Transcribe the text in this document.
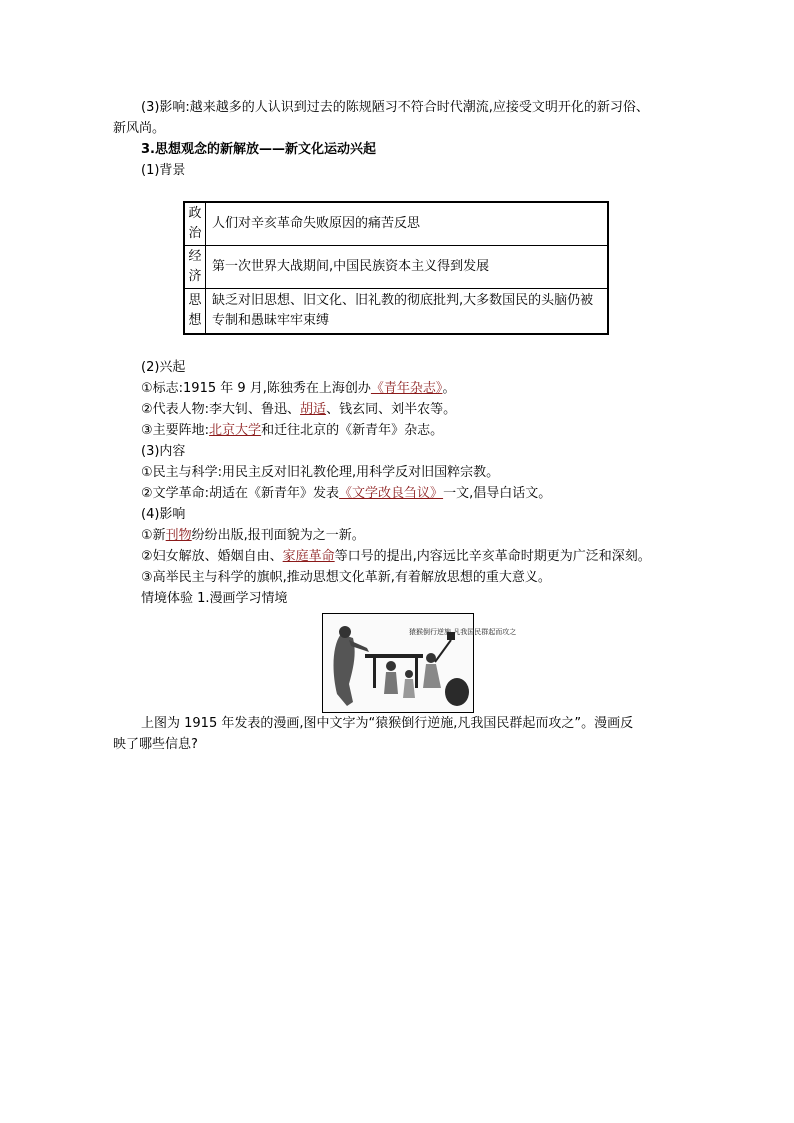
(3)影响:越来越多的人认识到过去的陈规陋习不符合时代潮流,应接受文明开化的新习俗、

新风尚。

3.思想观念的新解放——新文化运动兴起

(1)背景

政治	人们对辛亥革命失败原因的痛苦反思
经济	第一次世界大战期间,中国民族资本主义得到发展
思想	缺乏对旧思想、旧文化、旧礼教的彻底批判,大多数国民的头脑仍被专制和愚昧牢牢束缚

(2)兴起

①标志:1915 年 9 月,陈独秀在上海创办《青年杂志》。

②代表人物:李大钊、鲁迅、胡适、钱玄同、刘半农等。

③主要阵地:北京大学和迁往北京的《新青年》杂志。

(3)内容

①民主与科学:用民主反对旧礼教伦理,用科学反对旧国粹宗教。

②文学革命:胡适在《新青年》发表《文学改良刍议》一文,倡导白话文。

(4)影响

①新刊物纷纷出版,报刊面貌为之一新。

②妇女解放、婚姻自由、家庭革命等口号的提出,内容远比辛亥革命时期更为广泛和深刻。

③高举民主与科学的旗帜,推动思想文化革新,有着解放思想的重大意义。

情境体验 1.漫画学习情境

猿猴倒行逆施 凡我国民群起而攻之

上图为 1915 年发表的漫画,图中文字为“猿猴倒行逆施,凡我国民群起而攻之”。漫画反

映了哪些信息?
